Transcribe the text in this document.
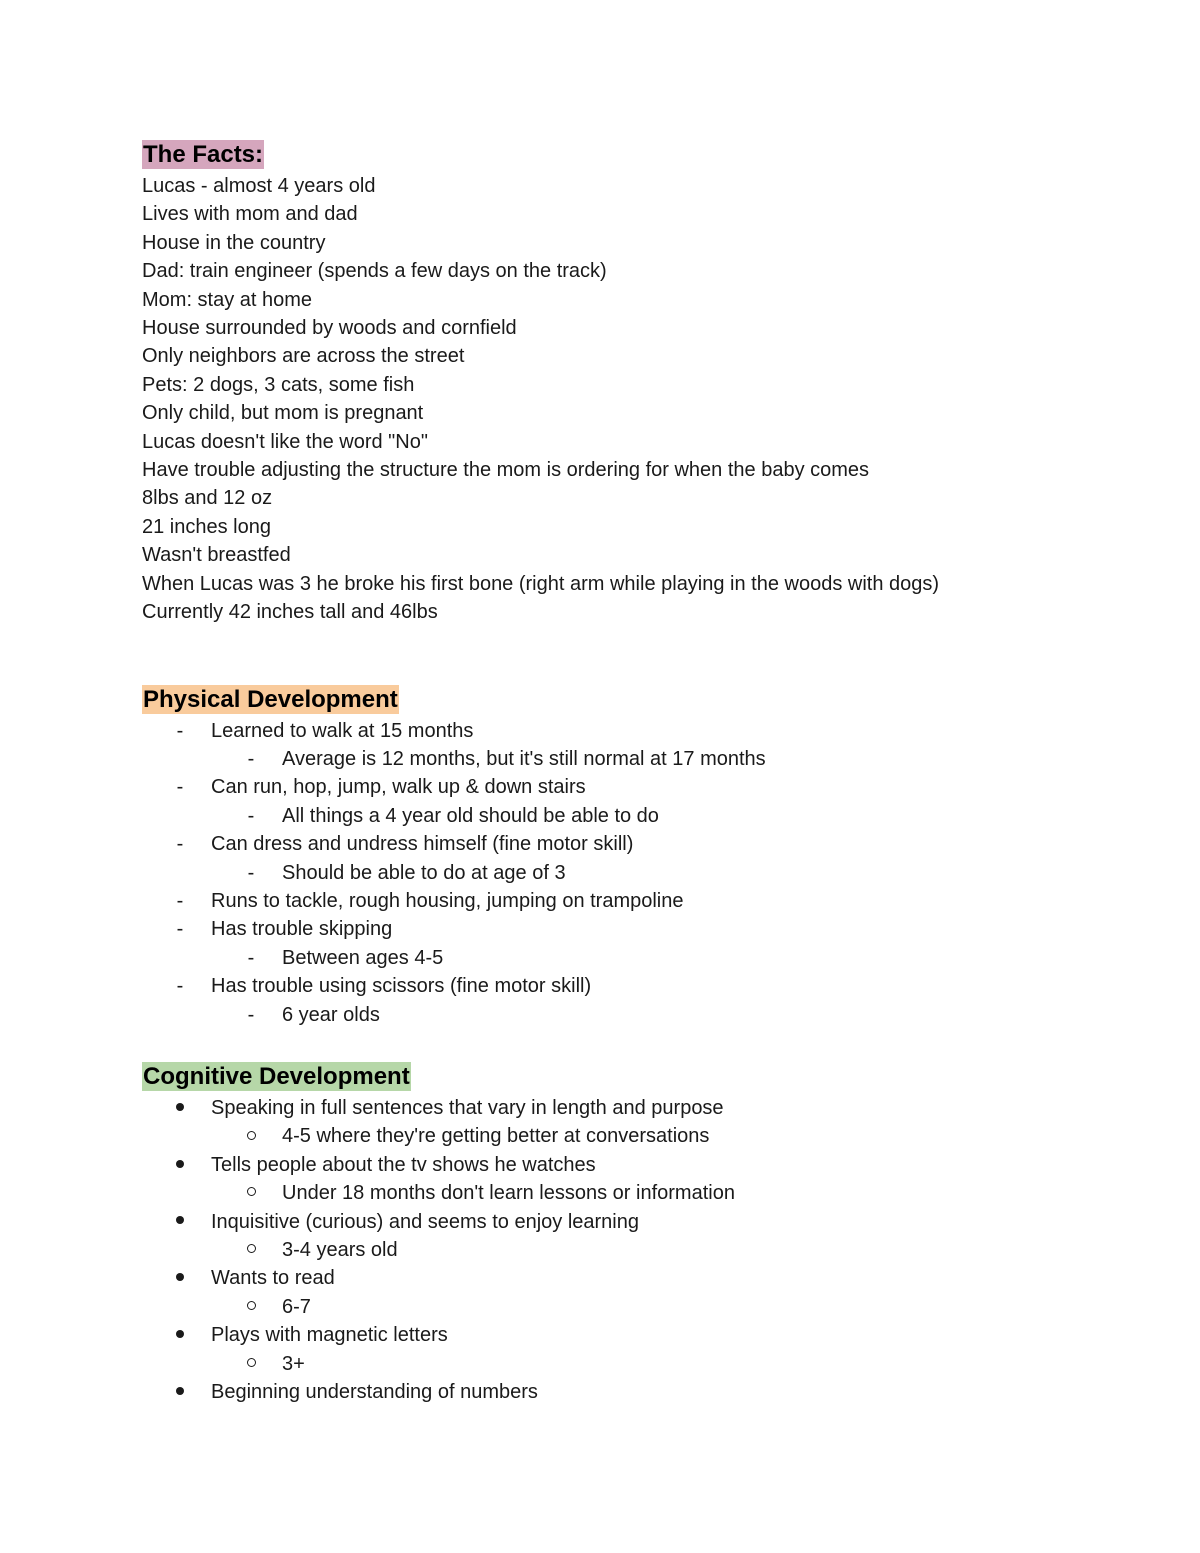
The Facts:
Lucas - almost 4 years old
Lives with mom and dad
House in the country
Dad: train engineer (spends a few days on the track)
Mom: stay at home
House surrounded by woods and cornfield
Only neighbors are across the street
Pets: 2 dogs, 3 cats, some fish
Only child, but mom is pregnant
Lucas doesn't like the word "No"
Have trouble adjusting the structure the mom is ordering for when the baby comes
8lbs and 12 oz
21 inches long
Wasn't breastfed
When Lucas was 3 he broke his first bone (right arm while playing in the woods with dogs)
Currently 42 inches tall and 46lbs
Physical Development
-	Learned to walk at 15 months
-	Average is 12 months, but it's still normal at 17 months
-	Can run, hop, jump, walk up & down stairs
-	All things a 4 year old should be able to do
-	Can dress and undress himself (fine motor skill)
-	Should be able to do at age of 3
-	Runs to tackle, rough housing, jumping on trampoline
-	Has trouble skipping
-	Between ages 4-5
-	Has trouble using scissors (fine motor skill)
-	6 year olds
Cognitive Development
Speaking in full sentences that vary in length and purpose
4-5 where they're getting better at conversations
Tells people about the tv shows he watches
Under 18 months don't learn lessons or information
Inquisitive (curious) and seems to enjoy learning
3-4 years old
Wants to read
6-7
Plays with magnetic letters
3+
Beginning understanding of numbers
